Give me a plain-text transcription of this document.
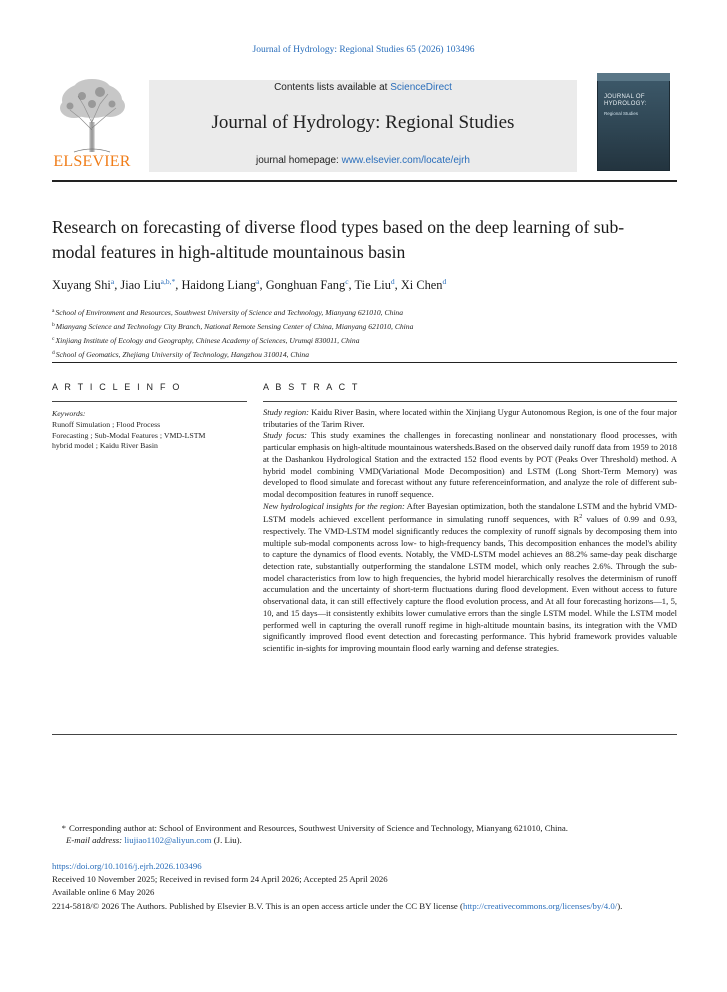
Journal of Hydrology: Regional Studies 65 (2026) 103496
ELSEVIER
Contents lists available at ScienceDirect
Journal of Hydrology: Regional Studies
journal homepage: www.elsevier.com/locate/ejrh
JOURNAL OF HYDROLOGY:
Regional Studies
Research on forecasting of diverse flood types based on the deep learning of sub-modal features in high-altitude mountainous basin
Xuyang Shi$^a$, Jiao Liu$^{a,b,*}$, Haidong Liang$^a$, Gonghuan Fang$^c$, Tie Liu$^d$, Xi Chen$^d$
$^a$School of Environment and Resources, Southwest University of Science and Technology, Mianyang 621010, China
$^b$Mianyang Science and Technology City Branch, National Remote Sensing Center of China, Mianyang 621010, China
$^c$Xinjiang Institute of Ecology and Geography, Chinese Academy of Sciences, Urumqi 830011, China
$^d$School of Geomatics, Zhejiang University of Technology, Hangzhou 310014, China
A R T I C L E I N F O	A B S T R A C T
Keywords:
Runoff Simulation ; Flood Process
Forecasting ; Sub-Modal Features ; VMD-LSTM
hybrid model ; Kaidu River Basin

Study region: Kaidu River Basin, where located within the Xinjiang Uygur Autonomous Region, is one of the four major tributaries of the Tarim River.

Study focus: This study examines the challenges in forecasting nonlinear and nonstationary flood processes, with particular emphasis on high-altitude mountainous watersheds.Based on the observed daily runoff data from 1959 to 2018 at the Dashankou Hydrological Station and the extracted 152 flood events by POT (Peaks Over Threshold) method. A hybrid model combining VMD(Variational Mode Decomposition) and LSTM (Long Short-Term Memory) was developed to flood simulate and forecast without any future referenceinformation, and analyze the role of different sub-modal decomposition features in runoff sequence.

New hydrological insights for the region: After Bayesian optimization, both the standalone LSTM and the hybrid VMD-LSTM models achieved excellent performance in simulating runoff sequences, with $R^2$ values of 0.99 and 0.93, respectively. The VMD-LSTM model significantly reduces the complexity of runoff signals by decomposing them into multiple sub-modal components across low- to high-frequency bands, This decomposition enhances the model's ability to capture the dynamics of flood events. Notably, the VMD-LSTM model achieves an 88.2% same-day peak discharge detection rate, substantially outperforming the standalone LSTM model, which only reaches 2.6%. Through the sub-model characteristics from low to high frequencies, the hybrid model hierarchically resolves the determinism of runoff accumulation and the uncertainty of short-term fluctuations during flood development. Even without access to future observational data, it can still effectively capture the flood evolution process, and At all four forecasting horizons—1, 5, 10, and 15 days—it consistently exhibits lower cumulative errors than the single LSTM model. While the LSTM model performed well in capturing the overall runoff regime in high-altitude mountain basins, its integration with the VMD significantly improved flood event detection and forecasting performance. This hybrid framework provides valuable scientific in-sights for improving mountain flood early warning and defense strategies.

* Corresponding author at: School of Environment and Resources, Southwest University of Science and Technology, Mianyang 621010, China.
E-mail address: liujiao1102@aliyun.com (J. Liu).
https://doi.org/10.1016/j.ejrh.2026.103496
Received 10 November 2025; Received in revised form 24 April 2026; Accepted 25 April 2026
Available online 6 May 2026
2214-5818/© 2026 The Authors. Published by Elsevier B.V. This is an open access article under the CC BY license (http://creativecommons.org/licenses/by/4.0/).
